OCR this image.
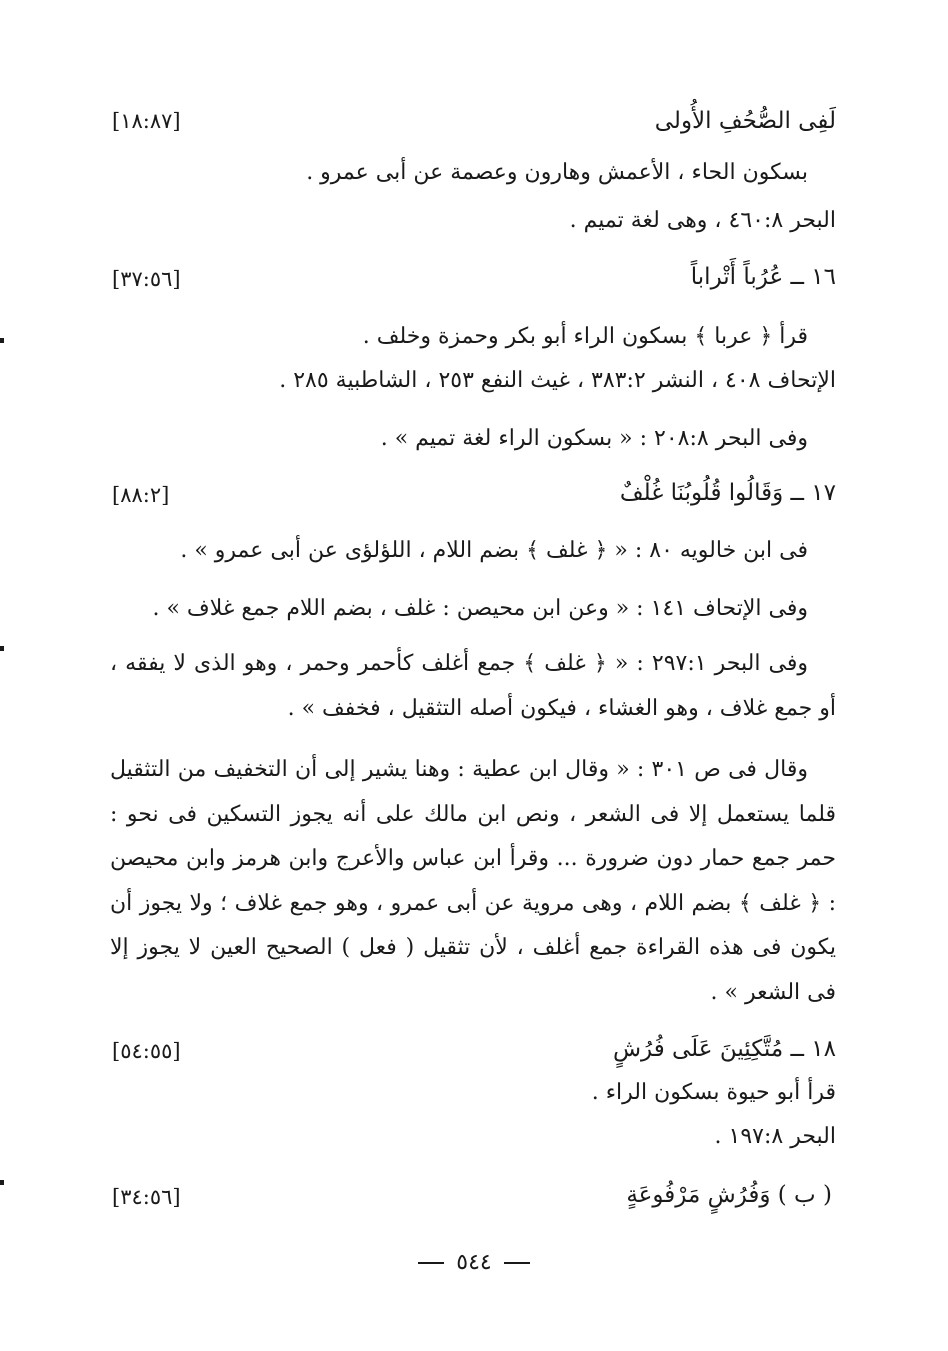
لَفِى الصُّحُفِ الأُولى
[١٨:٨٧]
بسكون الحاء ، الأعمش وهارون وعصمة عن أبى عمرو .
البحر ٤٦٠:٨ ، وهى لغة تميم .
١٦ ــ عُرُباً أَتْراباً
[٣٧:٥٦]
قرأ ﴿ عربا ﴾ بسكون الراء أبو بكر وحمزة وخلف .
الإتحاف ٤٠٨ ، النشر ٣٨٣:٢ ، غيث النفع ٢٥٣ ، الشاطبية ٢٨٥ .
وفى البحر ٢٠٨:٨ : « بسكون الراء لغة تميم » .
١٧ ــ وَقَالُوا قُلُوبُنَا غُلْفٌ
[٨٨:٢]
فى ابن خالويه ٨٠ : « ﴿ غلف ﴾ بضم اللام ، اللؤلؤى عن أبى عمرو » .
وفى الإتحاف ١٤١ : « وعن ابن محيصن : غلف ، بضم اللام جمع غلاف » .
وفى البحر ٢٩٧:١ : « ﴿ غلف ﴾ جمع أغلف كأحمر وحمر ، وهو الذى لا يفقه ، أو جمع غلاف ، وهو الغشاء ، فيكون أصله التثقيل ، فخفف » .
وقال فى ص ٣٠١ : « وقال ابن عطية : وهنا يشير إلى أن التخفيف من التثقيل قلما يستعمل إلا فى الشعر ، ونص ابن مالك على أنه يجوز التسكين فى نحو : حمر جمع حمار دون ضرورة ... وقرأ ابن عباس والأعرج وابن هرمز وابن محيصن : ﴿ غلف ﴾ بضم اللام ، وهى مروية عن أبى عمرو ، وهو جمع غلاف ؛ ولا يجوز أن يكون فى هذه القراءة جمع أغلف ، لأن تثقيل ( فعل ) الصحيح العين لا يجوز إلا فى الشعر » .
١٨ ــ مُتَّكِئِينَ عَلَى فُرُشٍ
[٥٤:٥٥]
قرأ أبو حيوة بسكون الراء .
البحر ١٩٧:٨ .
( ب ) وَفُرُشٍ مَرْفُوعَةٍ
[٣٤:٥٦]
٥٤٤
